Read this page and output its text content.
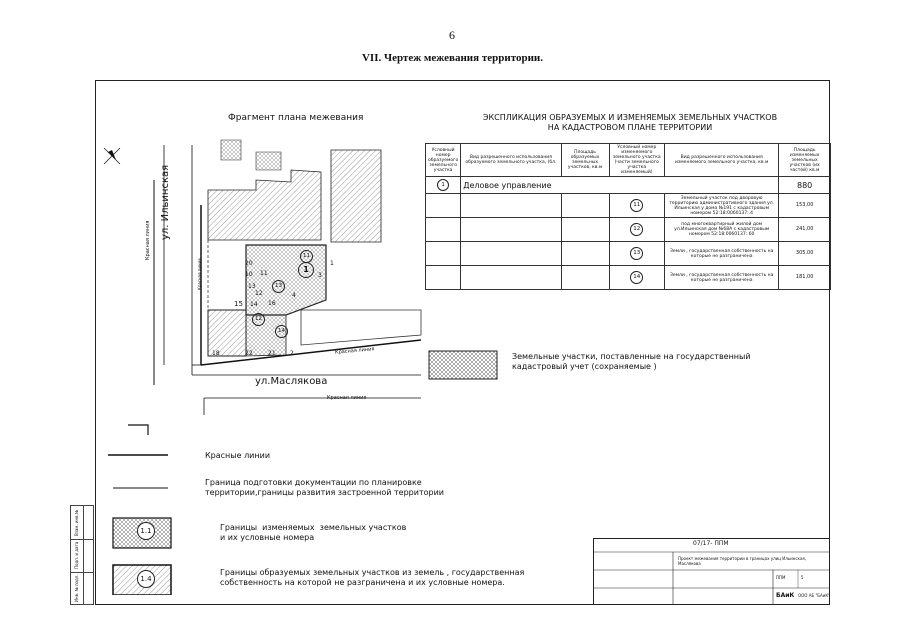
6
VII. Чертеж межевания территории.
Взам. инв.№
Подп. и дата
Инв. № подл.
Фрагмент плана межевания
ул. Ильинская
ул.Маслякова
Красная линия
Красная линия
Красная линия
Красная линия
20
10
13
12
14
11
15	16
18	22	21 2
4
3
1
11
13
12
14
1
ЭКСПЛИКАЦИЯ ОБРАЗУЕМЫХ И ИЗМЕНЯЕМЫХ ЗЕМЕЛЬНЫХ УЧАСТКОВ
НА КАДАСТРОВОМ ПЛАНЕ ТЕРРИТОРИИ
Условный номер образуемого земельного участка	Вид разрешенного использования образуемого земельного участка, (бл.	Площадь образуемых земельных участков, кв.м	Условный номер изменяемого земельного участка (части земельного участка изменяемый)	Вид разрешенного использования изменяемого земельного участка, кв.м	Площадь изменяемых земельных участков (их частей) кв.м
1	Деловое управление				880
			11	Земельный участок под дворовую территорию административного здания ул. Ильинская у дома №191 с кадастровым номером 52:18:0060137:.4	153,00
			12	под многоквартирный жилой дом ул.Ильинская дом №68А с кадастровым номером 52:18:0060137:.60	241,00
			13	Земли , государственная собственность на которые не разграничена	305,00
			14	Земли , государственная собственность на которые не разграничена	181,00
Земельные участки, поставленные на государственный
кадастровый учет (сохраняемые )
1.1
1.4
Красные линии
Граница подготовки документации по планировке
территории,границы развития застроенной территории
Границы  изменяемых  земельных участков
и их условные номера
Границы образуемых земельных участков из земель , государственная
собственность на которой не разграничена и их условные номера.
07/17- ППМ
Проект межевания территории в границах улиц Ильинская, Маслякова
ППМ	5
БАиК ООО АБ "БАиК"
